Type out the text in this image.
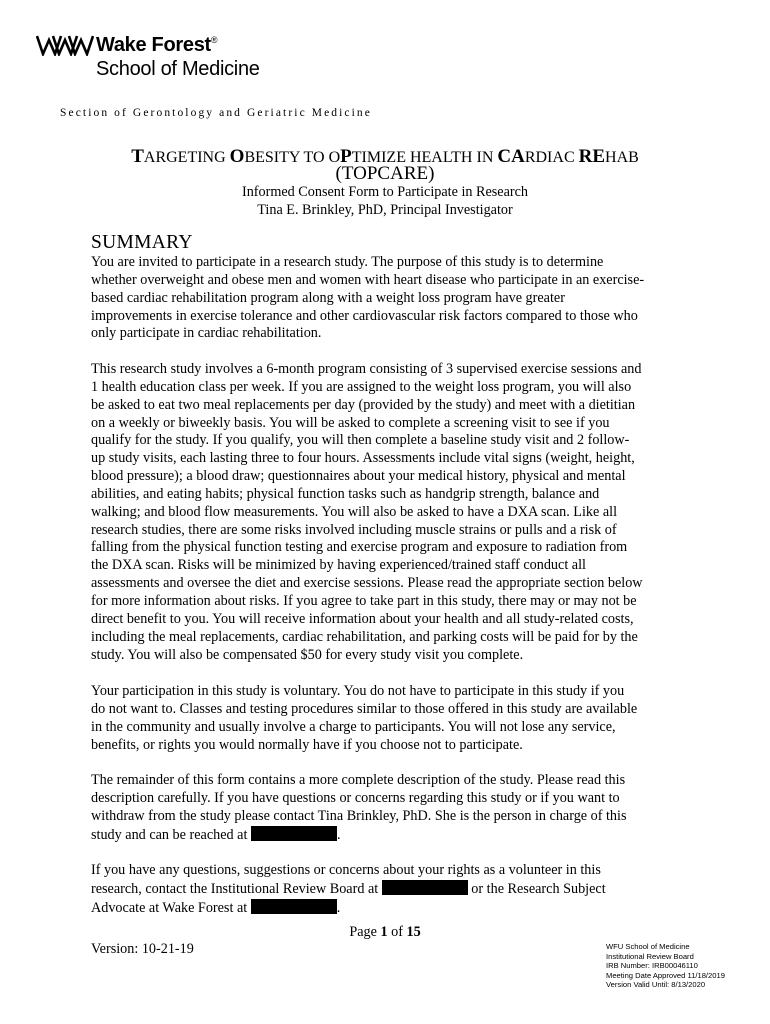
Wake Forest®
School of Medicine
Section of Gerontology and Geriatric Medicine
TARGETING OBESITY TO OPTIMIZE HEALTH IN CARDIAC REHAB
(TOPCARE)
Informed Consent Form to Participate in Research
Tina E. Brinkley, PhD, Principal Investigator
SUMMARY
You are invited to participate in a research study. The purpose of this study is to determine
whether overweight and obese men and women with heart disease who participate in an exercise-
based cardiac rehabilitation program along with a weight loss program have greater
improvements in exercise tolerance and other cardiovascular risk factors compared to those who
only participate in cardiac rehabilitation.
This research study involves a 6-month program consisting of 3 supervised exercise sessions and
1 health education class per week. If you are assigned to the weight loss program, you will also
be asked to eat two meal replacements per day (provided by the study) and meet with a dietitian
on a weekly or biweekly basis. You will be asked to complete a screening visit to see if you
qualify for the study. If you qualify, you will then complete a baseline study visit and 2 follow-
up study visits, each lasting three to four hours. Assessments include vital signs (weight, height,
blood pressure); a blood draw; questionnaires about your medical history, physical and mental
abilities, and eating habits; physical function tasks such as handgrip strength, balance and
walking; and blood flow measurements. You will also be asked to have a DXA scan. Like all
research studies, there are some risks involved including muscle strains or pulls and a risk of
falling from the physical function testing and exercise program and exposure to radiation from
the DXA scan. Risks will be minimized by having experienced/trained staff conduct all
assessments and oversee the diet and exercise sessions. Please read the appropriate section below
for more information about risks. If you agree to take part in this study, there may or may not be
direct benefit to you. You will receive information about your health and all study-related costs,
including the meal replacements, cardiac rehabilitation, and parking costs will be paid for by the
study. You will also be compensated $50 for every study visit you complete.
Your participation in this study is voluntary. You do not have to participate in this study if you
do not want to. Classes and testing procedures similar to those offered in this study are available
in the community and usually involve a charge to participants. You will not lose any service,
benefits, or rights you would normally have if you choose not to participate.
The remainder of this form contains a more complete description of the study. Please read this
description carefully. If you have questions or concerns regarding this study or if you want to
withdraw from the study please contact Tina Brinkley, PhD. She is the person in charge of this
study and can be reached at	.
If you have any questions, suggestions or concerns about your rights as a volunteer in this
research, contact the Institutional Review Board at	or the Research Subject
Advocate at Wake Forest at	.
Page 1 of 15
Version: 10-21-19	WFU School of Medicine
Institutional Review Board
IRB Number: IRB00046110
Meeting Date Approved 11/18/2019
Version Valid Until: 8/13/2020
